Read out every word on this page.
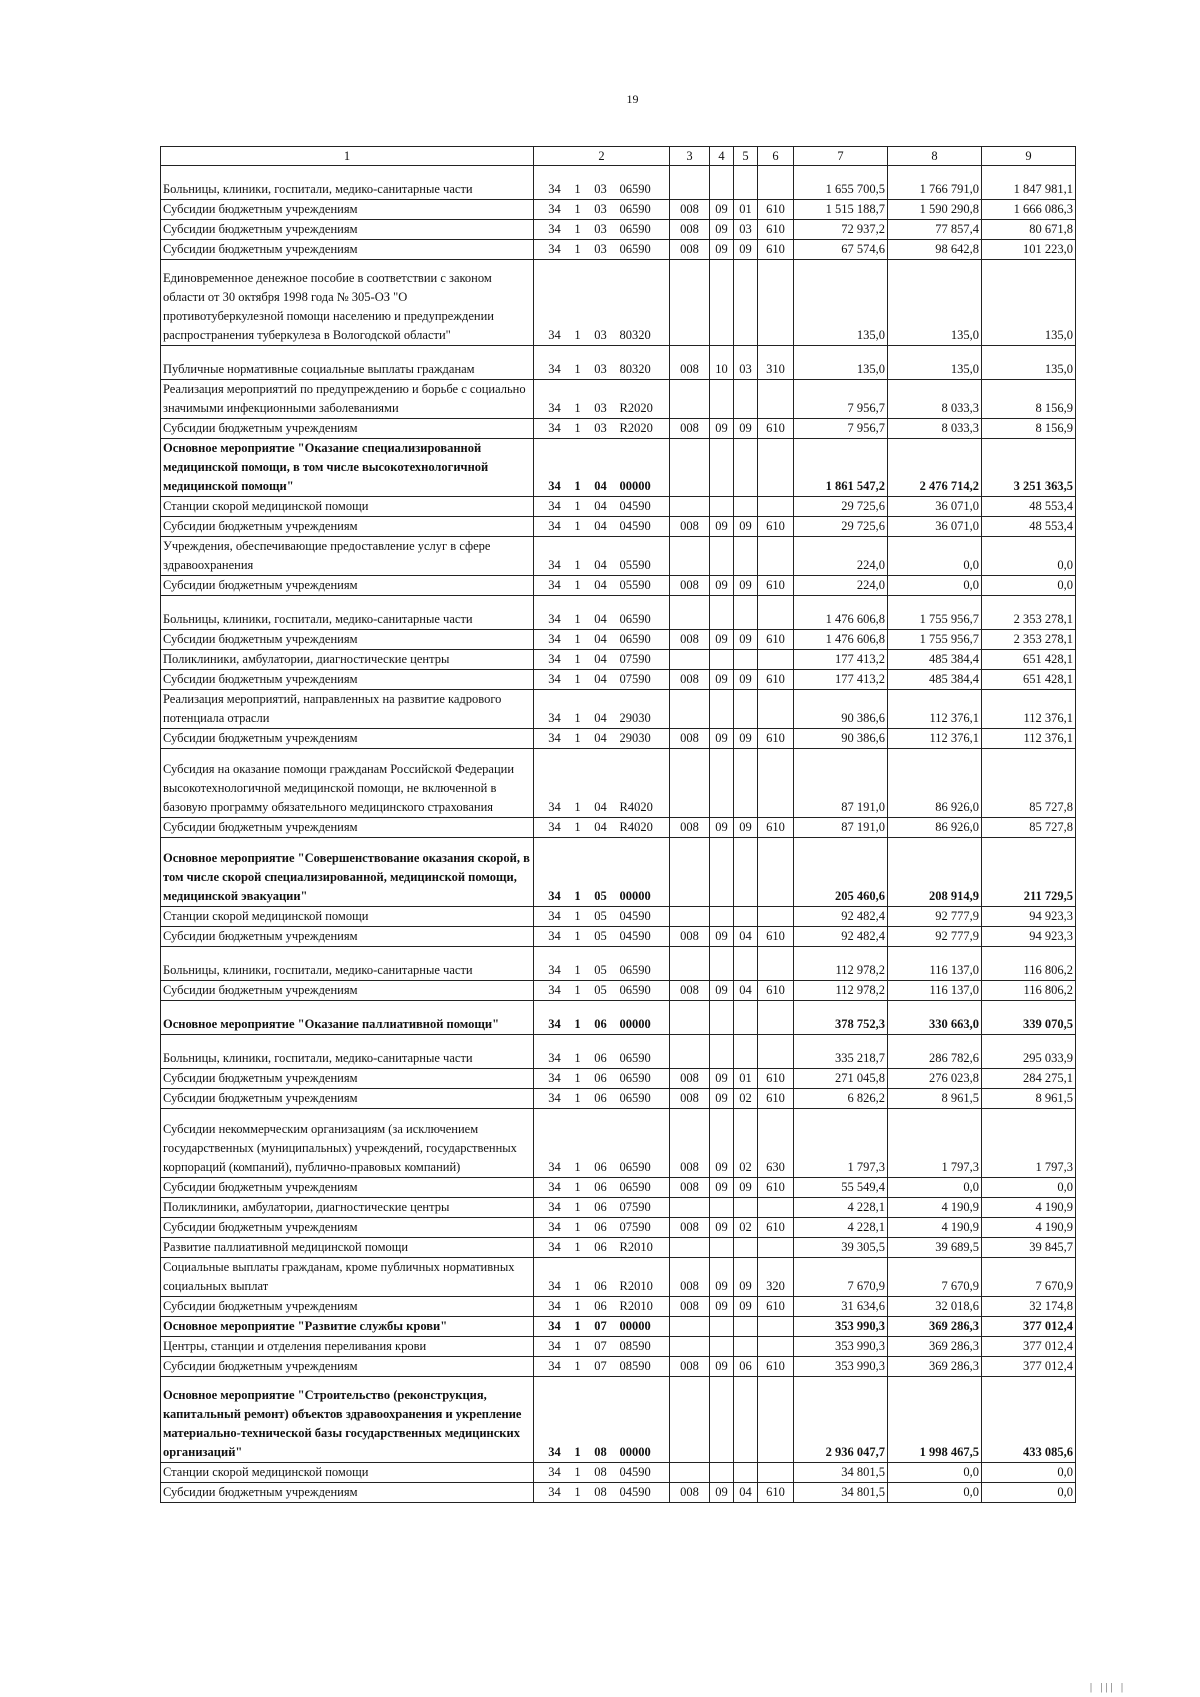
19
1	2	3	4	5	6	7	8	9
Больницы, клиники, госпитали, медико-санитарные части	34 1 03 06590					1 655 700,5	1 766 791,0	1 847 981,1
Субсидии бюджетным учреждениям	34 1 03 06590	008	09	01	610	1 515 188,7	1 590 290,8	1 666 086,3
Субсидии бюджетным учреждениям	34 1 03 06590	008	09	03	610	72 937,2	77 857,4	80 671,8
Субсидии бюджетным учреждениям	34 1 03 06590	008	09	09	610	67 574,6	98 642,8	101 223,0
Единовременное денежное пособие в соответствии с законом области от 30 октября 1998 года № 305-ОЗ "О противотуберкулезной помощи населению и предупреждении распространения туберкулеза в Вологодской области"	34 1 03 80320					135,0	135,0	135,0
Публичные нормативные социальные выплаты гражданам	34 1 03 80320	008	10	03	310	135,0	135,0	135,0
Реализация мероприятий по предупреждению и борьбе с социально значимыми инфекционными заболеваниями	34 1 03 R2020					7 956,7	8 033,3	8 156,9
Субсидии бюджетным учреждениям	34 1 03 R2020	008	09	09	610	7 956,7	8 033,3	8 156,9
Основное мероприятие "Оказание специализированной медицинской помощи, в том числе высокотехнологичной медицинской помощи"	34 1 04 00000					1 861 547,2	2 476 714,2	3 251 363,5
Станции скорой медицинской помощи	34 1 04 04590					29 725,6	36 071,0	48 553,4
Субсидии бюджетным учреждениям	34 1 04 04590	008	09	09	610	29 725,6	36 071,0	48 553,4
Учреждения, обеспечивающие предоставление услуг в сфере здравоохранения	34 1 04 05590					224,0	0,0	0,0
Субсидии бюджетным учреждениям	34 1 04 05590	008	09	09	610	224,0	0,0	0,0
Больницы, клиники, госпитали, медико-санитарные части	34 1 04 06590					1 476 606,8	1 755 956,7	2 353 278,1
Субсидии бюджетным учреждениям	34 1 04 06590	008	09	09	610	1 476 606,8	1 755 956,7	2 353 278,1
Поликлиники, амбулатории, диагностические центры	34 1 04 07590					177 413,2	485 384,4	651 428,1
Субсидии бюджетным учреждениям	34 1 04 07590	008	09	09	610	177 413,2	485 384,4	651 428,1
Реализация мероприятий, направленных на развитие кадрового потенциала отрасли	34 1 04 29030					90 386,6	112 376,1	112 376,1
Субсидии бюджетным учреждениям	34 1 04 29030	008	09	09	610	90 386,6	112 376,1	112 376,1
Субсидия на оказание помощи гражданам Российской Федерации высокотехнологичной медицинской помощи, не включенной в базовую программу обязательного медицинского страхования	34 1 04 R4020					87 191,0	86 926,0	85 727,8
Субсидии бюджетным учреждениям	34 1 04 R4020	008	09	09	610	87 191,0	86 926,0	85 727,8
Основное мероприятие "Совершенствование оказания скорой, в том числе скорой специализированной, медицинской помощи, медицинской эвакуации"	34 1 05 00000					205 460,6	208 914,9	211 729,5
Станции скорой медицинской помощи	34 1 05 04590					92 482,4	92 777,9	94 923,3
Субсидии бюджетным учреждениям	34 1 05 04590	008	09	04	610	92 482,4	92 777,9	94 923,3
Больницы, клиники, госпитали, медико-санитарные части	34 1 05 06590					112 978,2	116 137,0	116 806,2
Субсидии бюджетным учреждениям	34 1 05 06590	008	09	04	610	112 978,2	116 137,0	116 806,2
Основное мероприятие "Оказание паллиативной помощи"	34 1 06 00000					378 752,3	330 663,0	339 070,5
Больницы, клиники, госпитали, медико-санитарные части	34 1 06 06590					335 218,7	286 782,6	295 033,9
Субсидии бюджетным учреждениям	34 1 06 06590	008	09	01	610	271 045,8	276 023,8	284 275,1
Субсидии бюджетным учреждениям	34 1 06 06590	008	09	02	610	6 826,2	8 961,5	8 961,5
Субсидии некоммерческим организациям (за исключением государственных (муниципальных) учреждений, государственных корпораций (компаний), публично-правовых компаний)	34 1 06 06590	008	09	02	630	1 797,3	1 797,3	1 797,3
Субсидии бюджетным учреждениям	34 1 06 06590	008	09	09	610	55 549,4	0,0	0,0
Поликлиники, амбулатории, диагностические центры	34 1 06 07590					4 228,1	4 190,9	4 190,9
Субсидии бюджетным учреждениям	34 1 06 07590	008	09	02	610	4 228,1	4 190,9	4 190,9
Развитие паллиативной медицинской помощи	34 1 06 R2010					39 305,5	39 689,5	39 845,7
Социальные выплаты гражданам, кроме публичных нормативных социальных выплат	34 1 06 R2010	008	09	09	320	7 670,9	7 670,9	7 670,9
Субсидии бюджетным учреждениям	34 1 06 R2010	008	09	09	610	31 634,6	32 018,6	32 174,8
Основное мероприятие "Развитие службы крови"	34 1 07 00000					353 990,3	369 286,3	377 012,4
Центры, станции и отделения переливания крови	34 1 07 08590					353 990,3	369 286,3	377 012,4
Субсидии бюджетным учреждениям	34 1 07 08590	008	09	06	610	353 990,3	369 286,3	377 012,4
Основное мероприятие "Строительство (реконструкция, капитальный ремонт) объектов здравоохранения и укрепление материально-технической базы государственных медицинских организаций"	34 1 08 00000					2 936 047,7	1 998 467,5	433 085,6
Станции скорой медицинской помощи	34 1 08 04590					34 801,5	0,0	0,0
Субсидии бюджетным учреждениям	34 1 08 04590	008	09	04	610	34 801,5	0,0	0,0
| ||| |
